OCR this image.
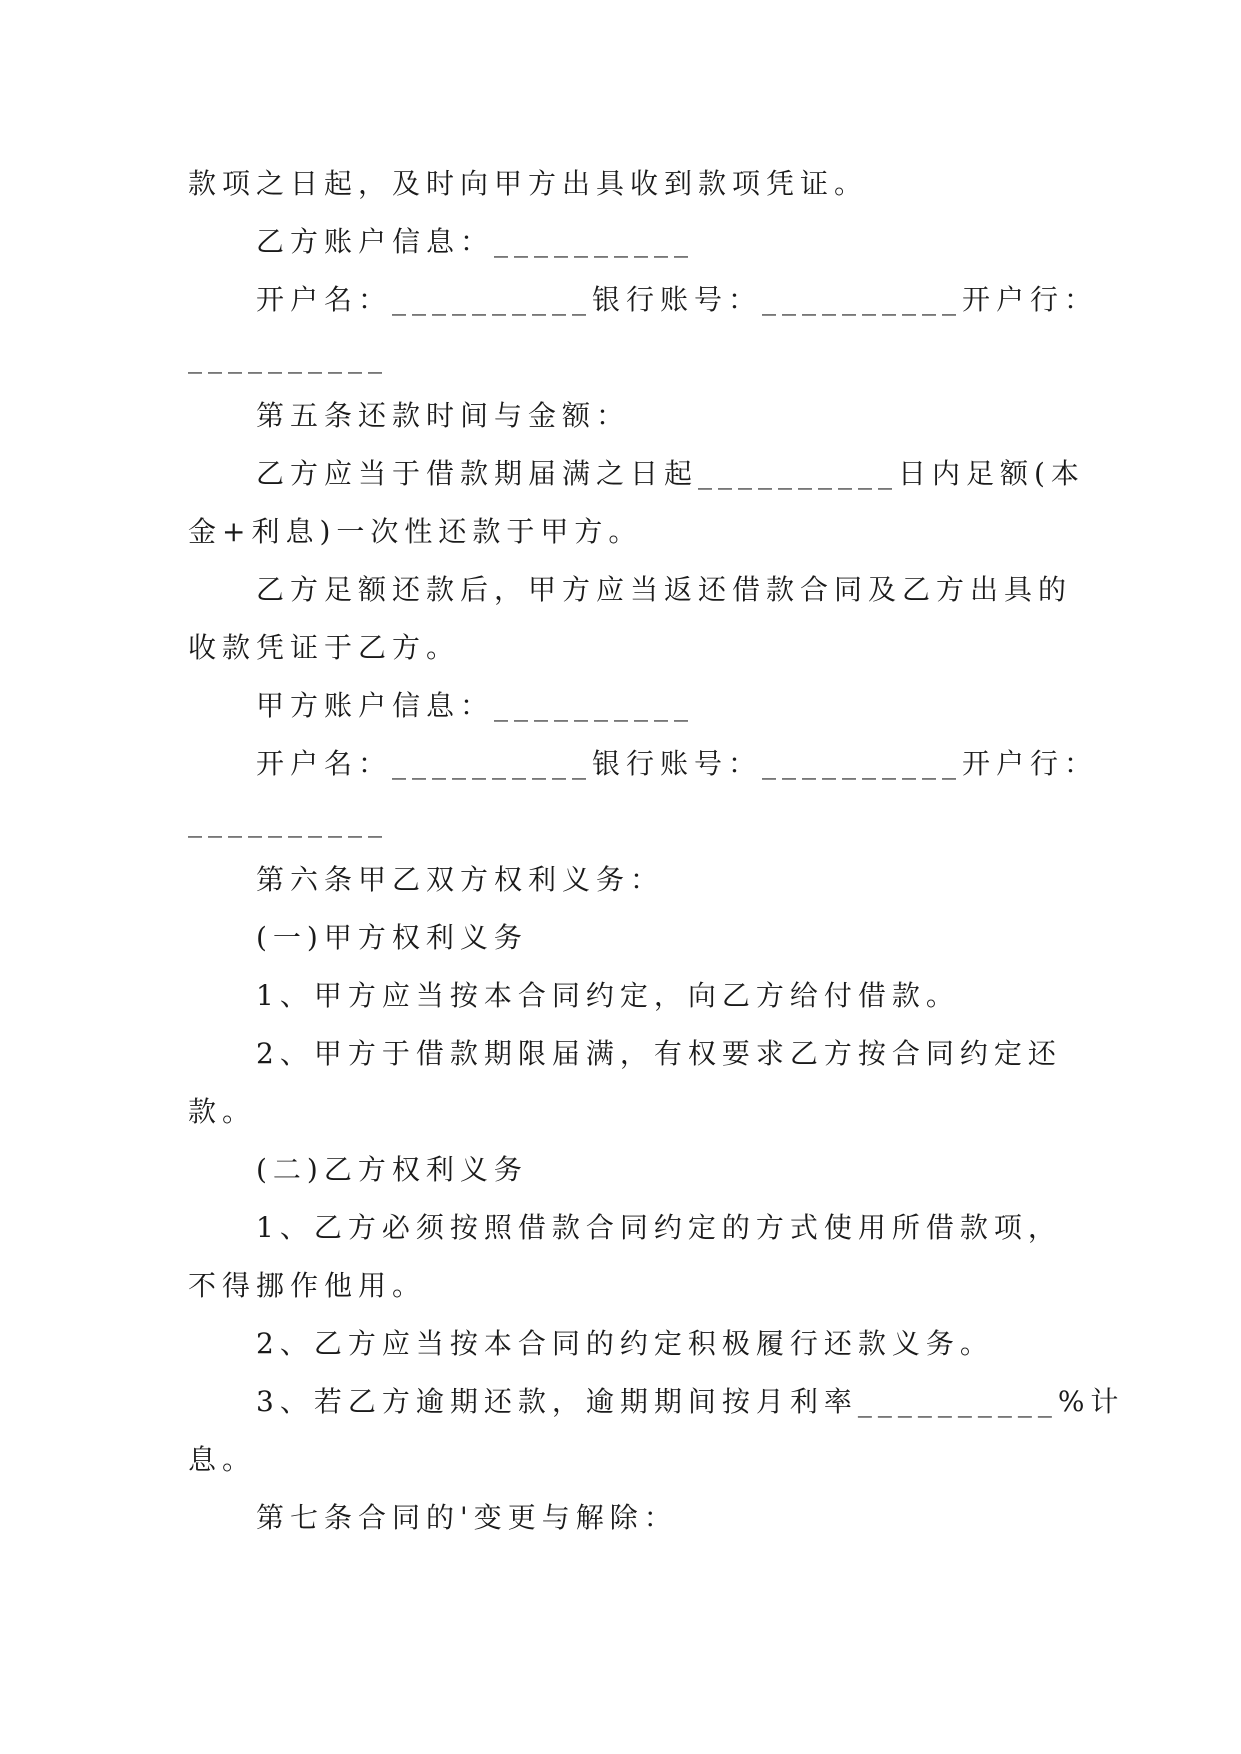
款项之日起，及时向甲方出具收到款项凭证。
乙方账户信息：__________
开户名：__________银行账号：__________开户行：
__________
第五条还款时间与金额：
乙方应当于借款期届满之日起__________日内足额(本
金+利息)一次性还款于甲方。
乙方足额还款后，甲方应当返还借款合同及乙方出具的
收款凭证于乙方。
甲方账户信息：__________
开户名：__________银行账号：__________开户行：
__________
第六条甲乙双方权利义务：
(一)甲方权利义务
1、甲方应当按本合同约定，向乙方给付借款。
2、甲方于借款期限届满，有权要求乙方按合同约定还
款。
(二)乙方权利义务
1、乙方必须按照借款合同约定的方式使用所借款项，
不得挪作他用。
2、乙方应当按本合同的约定积极履行还款义务。
3、若乙方逾期还款，逾期期间按月利率__________%计
息。
第七条合同的'变更与解除：
